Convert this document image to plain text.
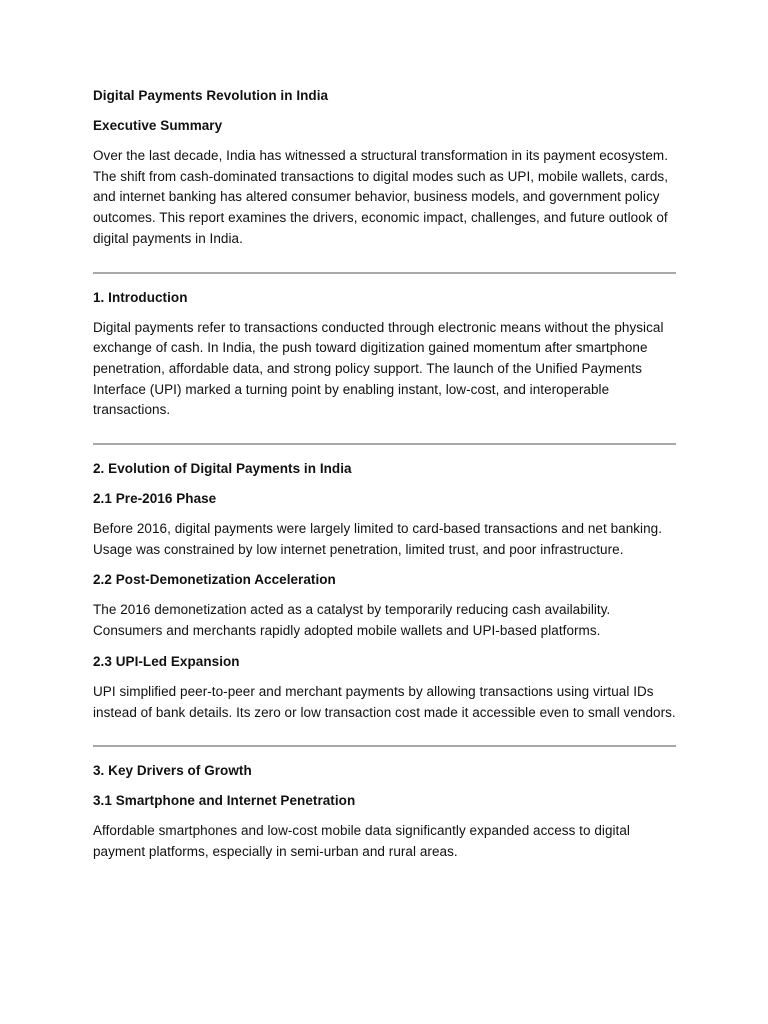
Digital Payments Revolution in India
Executive Summary
Over the last decade, India has witnessed a structural transformation in its payment ecosystem. The shift from cash-dominated transactions to digital modes such as UPI, mobile wallets, cards, and internet banking has altered consumer behavior, business models, and government policy outcomes. This report examines the drivers, economic impact, challenges, and future outlook of digital payments in India.
1. Introduction
Digital payments refer to transactions conducted through electronic means without the physical exchange of cash. In India, the push toward digitization gained momentum after smartphone penetration, affordable data, and strong policy support. The launch of the Unified Payments Interface (UPI) marked a turning point by enabling instant, low-cost, and interoperable transactions.
2. Evolution of Digital Payments in India
2.1 Pre-2016 Phase
Before 2016, digital payments were largely limited to card-based transactions and net banking. Usage was constrained by low internet penetration, limited trust, and poor infrastructure.
2.2 Post-Demonetization Acceleration
The 2016 demonetization acted as a catalyst by temporarily reducing cash availability. Consumers and merchants rapidly adopted mobile wallets and UPI-based platforms.
2.3 UPI-Led Expansion
UPI simplified peer-to-peer and merchant payments by allowing transactions using virtual IDs instead of bank details. Its zero or low transaction cost made it accessible even to small vendors.
3. Key Drivers of Growth
3.1 Smartphone and Internet Penetration
Affordable smartphones and low-cost mobile data significantly expanded access to digital payment platforms, especially in semi-urban and rural areas.
